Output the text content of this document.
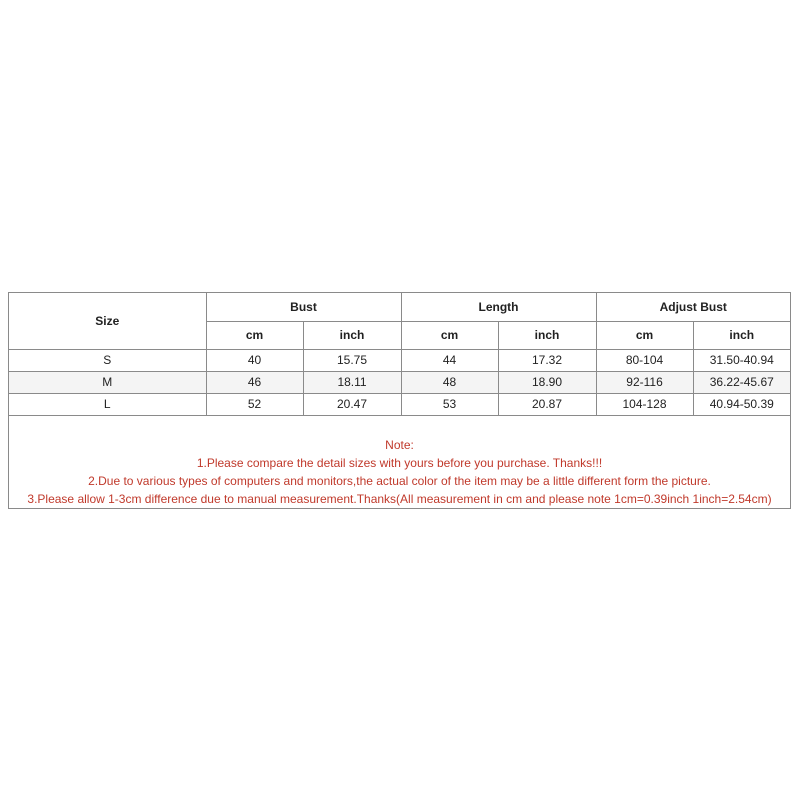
Size	Bust		Length		Adjust Bust	
	cm	inch	cm	inch	cm	inch
S	40	15.75	44	17.32	80-104	31.50-40.94
M	46	18.11	48	18.90	92-116	36.22-45.67
L	52	20.47	53	20.87	104-128	40.94-50.39
Note:
1.Please compare the detail sizes with yours before you purchase. Thanks!!!
2.Due to various types of computers and monitors,the actual color of the item may be a little different form the picture.
3.Please allow 1-3cm difference due to manual measurement.Thanks(All measurement in cm and please note 1cm=0.39inch 1inch=2.54cm)
